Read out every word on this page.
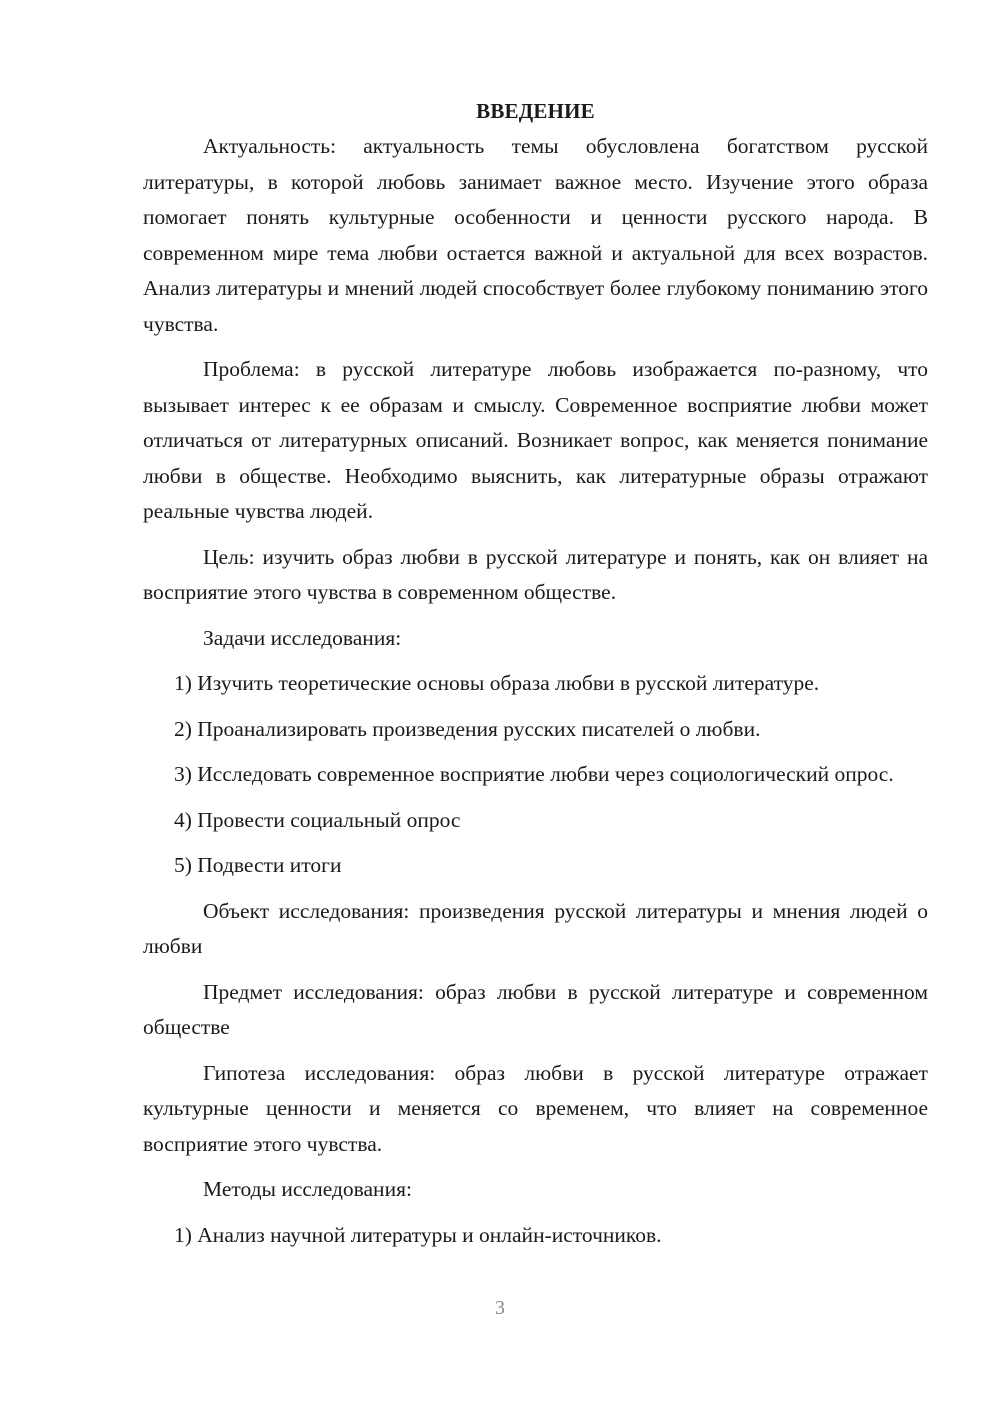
ВВЕДЕНИЕ

Актуальность: актуальность темы обусловлена богатством русской литературы, в которой любовь занимает важное место. Изучение этого образа помогает понять культурные особенности и ценности русского народа. В современном мире тема любви остается важной и актуальной для всех возрастов. Анализ литературы и мнений людей способствует более глубокому пониманию этого чувства.

Проблема: в русской литературе любовь изображается по-разному, что вызывает интерес к ее образам и смыслу. Современное восприятие любви может отличаться от литературных описаний. Возникает вопрос, как меняется понимание любви в обществе. Необходимо выяснить, как литературные образы отражают реальные чувства людей.

Цель: изучить образ любви в русской литературе и понять, как он влияет на восприятие этого чувства в современном обществе.

Задачи исследования:

1) Изучить теоретические основы образа любви в русской литературе.

2) Проанализировать произведения русских писателей о любви.

3) Исследовать современное восприятие любви через социологический опрос.

4) Провести социальный опрос

5) Подвести итоги

Объект исследования: произведения русской литературы и мнения людей о любви

Предмет исследования: образ любви в русской литературе и современном обществе

Гипотеза исследования: образ любви в русской литературе отражает культурные ценности и меняется со временем, что влияет на современное восприятие этого чувства.

Методы исследования:

1) Анализ научной литературы и онлайн-источников.

3
